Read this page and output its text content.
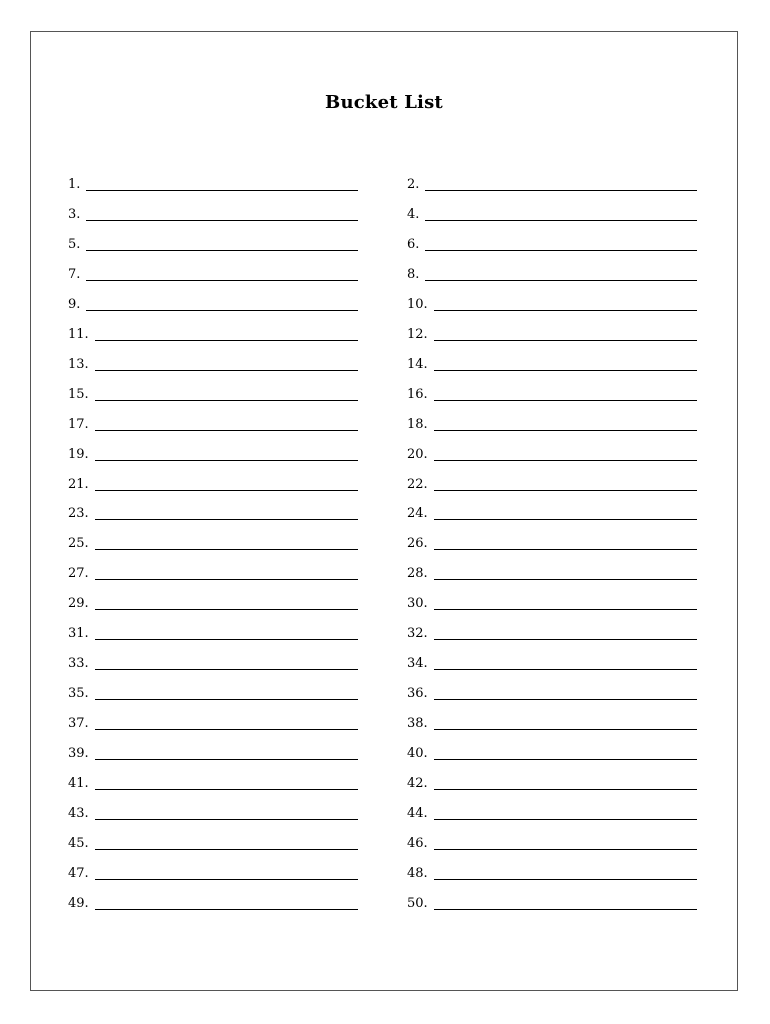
Bucket List
1.	2.
3.	4.
5.	6.
7.	8.
9.	10.
11.	12.
13.	14.
15.	16.
17.	18.
19.	20.
21.	22.
23.	24.
25.	26.
27.	28.
29.	30.
31.	32.
33.	34.
35.	36.
37.	38.
39.	40.
41.	42.
43.	44.
45.	46.
47.	48.
49.	50.
